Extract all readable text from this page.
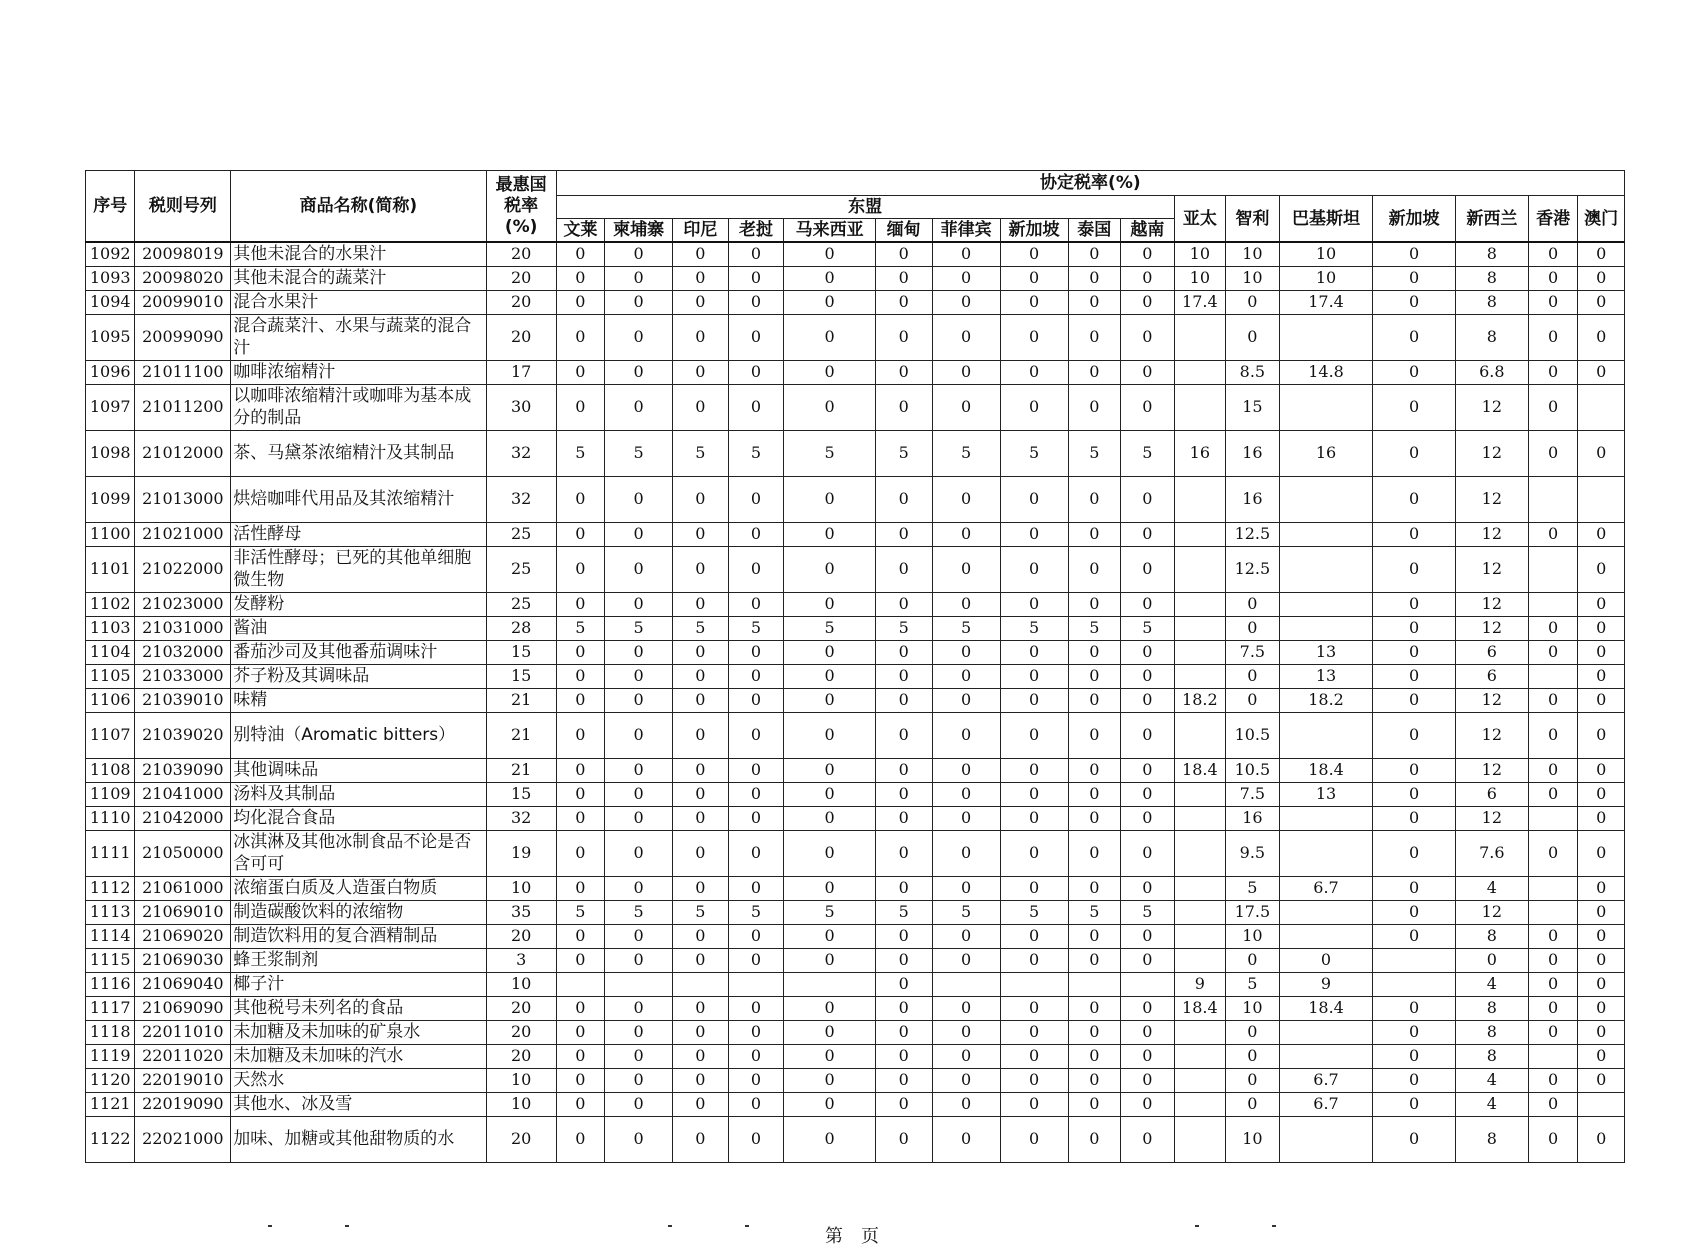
序号	税则号列	商品名称(简称)	最惠国税率(%)	协定税率(%)																
				东盟										亚太	智利	巴基斯坦	新加坡	新西兰	香港	澳门
				文莱	柬埔寨	印尼	老挝	马来西亚	缅甸	菲律宾	新加坡	泰国	越南							
1092	20098019	其他未混合的水果汁	20	0	0	0	0	0	0	0	0	0	0	10	10	10	0	8	0	0
1093	20098020	其他未混合的蔬菜汁	20	0	0	0	0	0	0	0	0	0	0	10	10	10	0	8	0	0
1094	20099010	混合水果汁	20	0	0	0	0	0	0	0	0	0	0	17.4	0	17.4	0	8	0	0
1095	20099090	混合蔬菜汁、水果与蔬菜的混合汁	20	0	0	0	0	0	0	0	0	0	0		0		0	8	0	0
1096	21011100	咖啡浓缩精汁	17	0	0	0	0	0	0	0	0	0	0		8.5	14.8	0	6.8	0	0
1097	21011200	以咖啡浓缩精汁或咖啡为基本成分的制品	30	0	0	0	0	0	0	0	0	0	0		15		0	12	0	
1098	21012000	茶、马黛茶浓缩精汁及其制品	32	5	5	5	5	5	5	5	5	5	5	16	16	16	0	12	0	0
1099	21013000	烘焙咖啡代用品及其浓缩精汁	32	0	0	0	0	0	0	0	0	0	0		16		0	12		
1100	21021000	活性酵母	25	0	0	0	0	0	0	0	0	0	0		12.5		0	12	0	0
1101	21022000	非活性酵母；已死的其他单细胞微生物	25	0	0	0	0	0	0	0	0	0	0		12.5		0	12		0
1102	21023000	发酵粉	25	0	0	0	0	0	0	0	0	0	0		0		0	12		0
1103	21031000	酱油	28	5	5	5	5	5	5	5	5	5	5		0		0	12	0	0
1104	21032000	番茄沙司及其他番茄调味汁	15	0	0	0	0	0	0	0	0	0	0		7.5	13	0	6	0	0
1105	21033000	芥子粉及其调味品	15	0	0	0	0	0	0	0	0	0	0		0	13	0	6		0
1106	21039010	味精	21	0	0	0	0	0	0	0	0	0	0	18.2	0	18.2	0	12	0	0
1107	21039020	别特油（Aromatic bitters）	21	0	0	0	0	0	0	0	0	0	0		10.5		0	12	0	0
1108	21039090	其他调味品	21	0	0	0	0	0	0	0	0	0	0	18.4	10.5	18.4	0	12	0	0
1109	21041000	汤料及其制品	15	0	0	0	0	0	0	0	0	0	0		7.5	13	0	6	0	0
1110	21042000	均化混合食品	32	0	0	0	0	0	0	0	0	0	0		16		0	12		0
1111	21050000	冰淇淋及其他冰制食品不论是否含可可	19	0	0	0	0	0	0	0	0	0	0		9.5		0	7.6	0	0
1112	21061000	浓缩蛋白质及人造蛋白物质	10	0	0	0	0	0	0	0	0	0	0		5	6.7	0	4		0
1113	21069010	制造碳酸饮料的浓缩物	35	5	5	5	5	5	5	5	5	5	5		17.5		0	12		0
1114	21069020	制造饮料用的复合酒精制品	20	0	0	0	0	0	0	0	0	0	0		10		0	8	0	0
1115	21069030	蜂王浆制剂	3	0	0	0	0	0	0	0	0	0	0		0	0		0	0	0
1116	21069040	椰子汁	10						0					9	5	9		4	0	0
1117	21069090	其他税号未列名的食品	20	0	0	0	0	0	0	0	0	0	0	18.4	10	18.4	0	8	0	0
1118	22011010	未加糖及未加味的矿泉水	20	0	0	0	0	0	0	0	0	0	0		0		0	8	0	0
1119	22011020	未加糖及未加味的汽水	20	0	0	0	0	0	0	0	0	0	0		0		0	8		0
1120	22019010	天然水	10	0	0	0	0	0	0	0	0	0	0		0	6.7	0	4	0	0
1121	22019090	其他水、冰及雪	10	0	0	0	0	0	0	0	0	0	0		0	6.7	0	4	0	
1122	22021000	加味、加糖或其他甜物质的水	20	0	0	0	0	0	0	0	0	0	0		10		0	8	0	0
第　页
